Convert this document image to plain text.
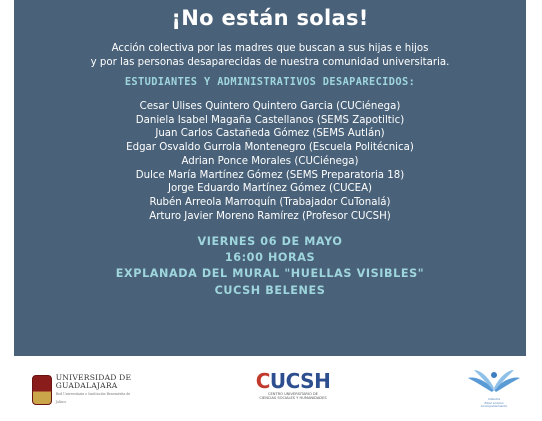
¡No están solas!
Acción colectiva por las madres que buscan a sus hijas e hijos
y por las personas desaparecidas de nuestra comunidad universitaria.
ESTUDIANTES Y ADMINISTRATIVOS DESAPARECIDOS:
Cesar Ulises Quintero Quintero Garcia (CUCiénega)
Daniela Isabel Magaña Castellanos (SEMS Zapotiltic)
Juan Carlos Castañeda Gómez (SEMS Autlán)
Edgar Osvaldo Gurrola Montenegro (Escuela Politécnica)
Adrian Ponce Morales (CUCiénega)
Dulce María Martínez Gómez (SEMS Preparatoria 18)
Jorge Eduardo Martínez Gómez (CUCEA)
Rubén Arreola Marroquín (Trabajador CuTonalá)
Arturo Javier Moreno Ramírez (Profesor CUCSH)
VIERNES 06 DE MAYO
16:00 HORAS
EXPLANADA DEL MURAL "HUELLAS VISIBLES"
CUCSH BELENES
UNIVERSIDAD DE
GUADALAJARA
Red Universitaria e Institución Benemérita de Jalisco
CUCSH
CENTRO UNIVERSITARIO DE
CIENCIAS SOCIALES Y HUMANIDADES	Cátedra
Itziar Lozano
Acompañamiento
